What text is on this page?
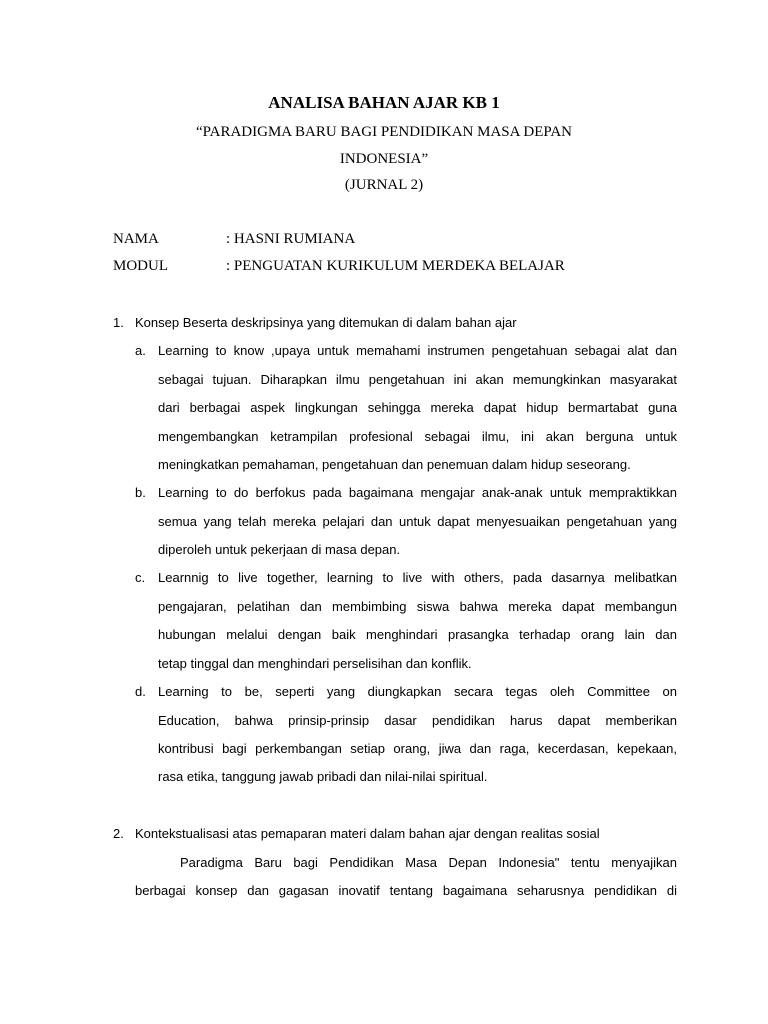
ANALISA BAHAN AJAR KB 1

“PARADIGMA BARU BAGI PENDIDIKAN MASA DEPAN

INDONESIA”

(JURNAL 2)

NAMA	: HASNI RUMIANA

MODUL	: PENGUATAN KURIKULUM MERDEKA BELAJAR

1. Konsep Beserta deskripsinya yang ditemukan di dalam bahan ajar
a. Learning to know ,upaya untuk memahami instrumen pengetahuan sebagai alat dan
sebagai tujuan. Diharapkan ilmu pengetahuan ini akan memungkinkan masyarakat
dari berbagai aspek lingkungan sehingga mereka dapat hidup bermartabat guna
mengembangkan ketrampilan profesional sebagai ilmu, ini akan berguna untuk
meningkatkan pemahaman, pengetahuan dan penemuan dalam hidup seseorang.
b. Learning to do berfokus pada bagaimana mengajar anak-anak untuk mempraktikkan
semua yang telah mereka pelajari dan untuk dapat menyesuaikan pengetahuan yang
diperoleh untuk pekerjaan di masa depan.
c. Learnnig to live together, learning to live with others, pada dasarnya melibatkan
pengajaran, pelatihan dan membimbing siswa bahwa mereka dapat membangun
hubungan melalui dengan baik menghindari prasangka terhadap orang lain dan
tetap tinggal dan menghindari perselisihan dan konflik.
d. Learning to be, seperti yang diungkapkan secara tegas oleh Committee on
Education, bahwa prinsip-prinsip dasar pendidikan harus dapat memberikan
kontribusi bagi perkembangan setiap orang, jiwa dan raga, kecerdasan, kepekaan,
rasa etika, tanggung jawab pribadi dan nilai-nilai spiritual.
2. Kontekstualisasi atas pemaparan materi dalam bahan ajar dengan realitas sosial
Paradigma Baru bagi Pendidikan Masa Depan Indonesia" tentu menyajikan
berbagai konsep dan gagasan inovatif tentang bagaimana seharusnya pendidikan di
